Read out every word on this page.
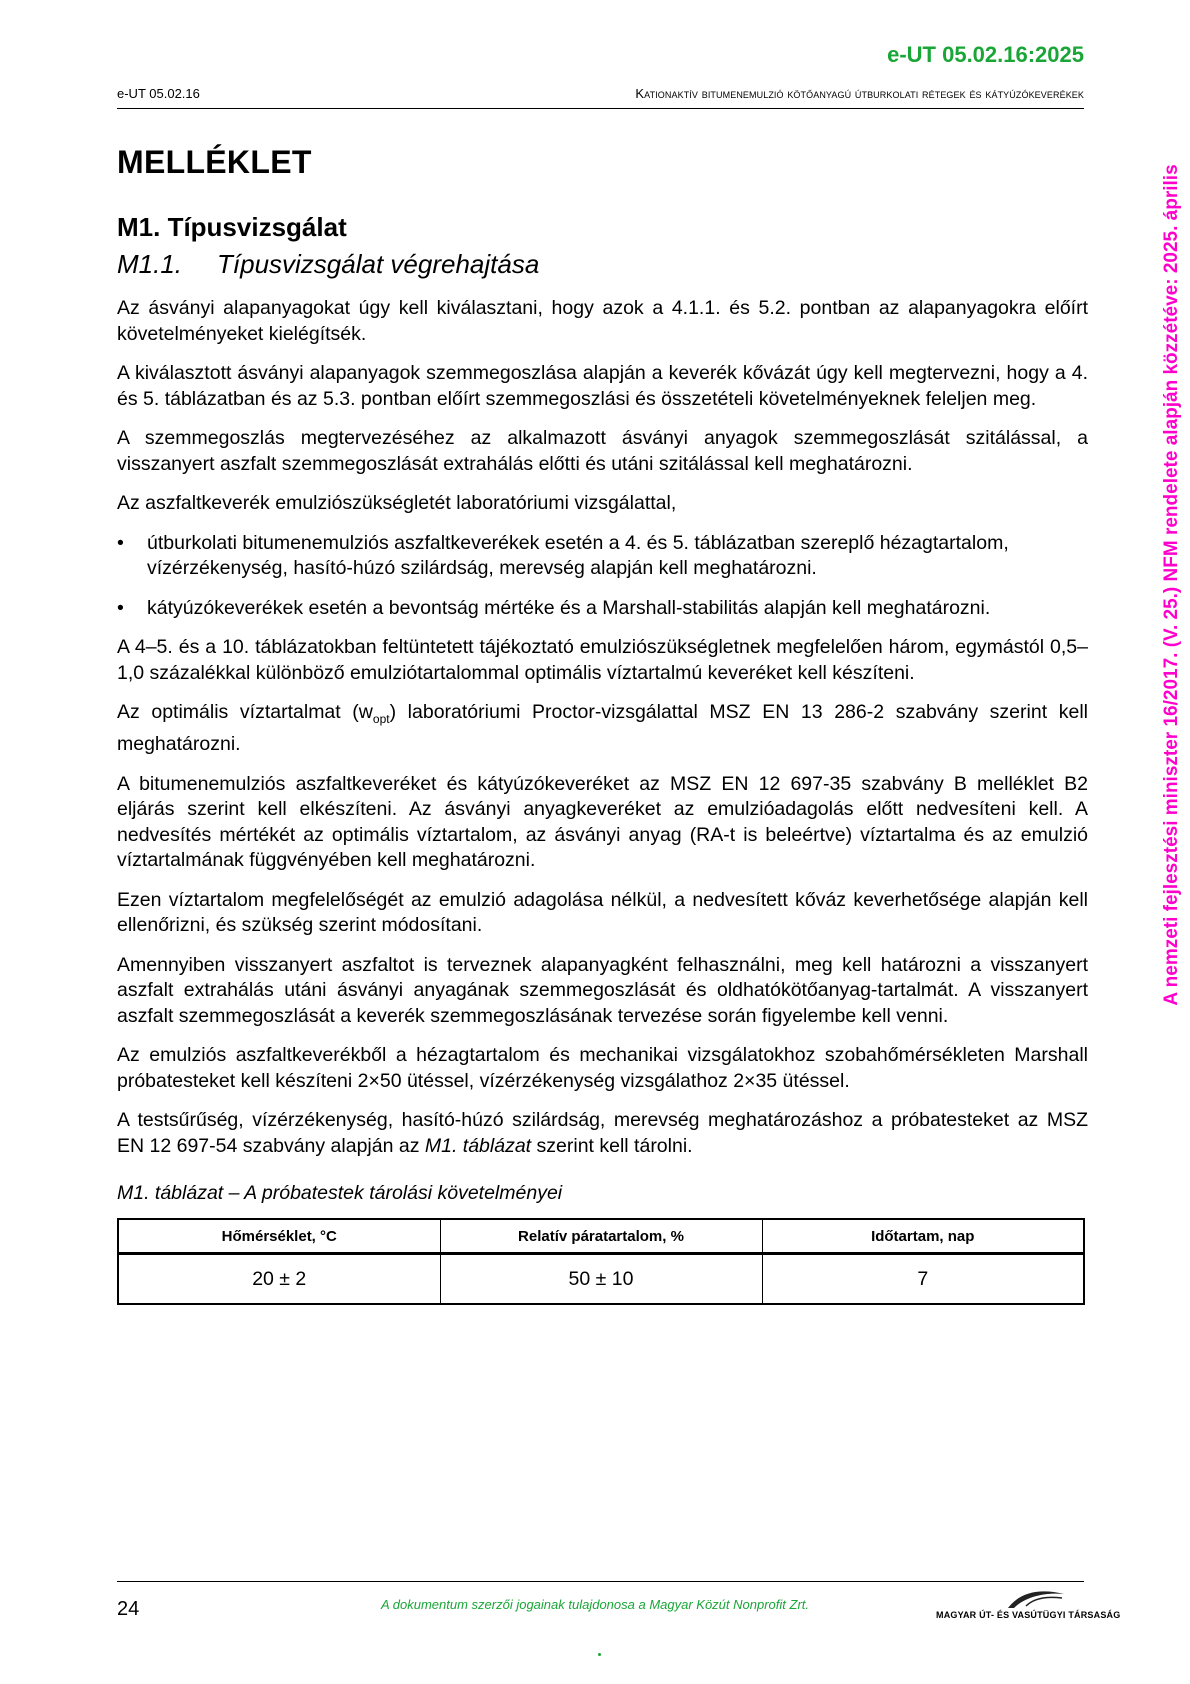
e-UT 05.02.16:2025
e-UT 05.02.16	Kationaktív bitumenemulzió kötőanyagú útburkolati rétegek és kátyúzókeverékek
A nemzeti fejlesztési miniszter 16/2017. (V. 25.) NFM rendelete alapján közzétéve: 2025. április
MELLÉKLET
M1. Típusvizsgálat
M1.1. Típusvizsgálat végrehajtása

Az ásványi alapanyagokat úgy kell kiválasztani, hogy azok a 4.1.1. és 5.2. pontban az alapanyagokra előírt követelményeket kielégítsék.

A kiválasztott ásványi alapanyagok szemmegoszlása alapján a keverék kővázát úgy kell megtervezni, hogy a 4. és 5. táblázatban és az 5.3. pontban előírt szemmegoszlási és összetételi követelményeknek feleljen meg.

A szemmegoszlás megtervezéséhez az alkalmazott ásványi anyagok szemmegoszlását szitálással, a visszanyert aszfalt szemmegoszlását extrahálás előtti és utáni szitálással kell meghatározni.

Az aszfaltkeverék emulziószükségletét laboratóriumi vizsgálattal,

• útburkolati bitumenemulziós aszfaltkeverékek esetén a 4. és 5. táblázatban szereplő hézagtartalom, vízérzékenység, hasító-húzó szilárdság, merevség alapján kell meghatározni.
• kátyúzókeverékek esetén a bevontság mértéke és a Marshall-stabilitás alapján kell meghatározni.

A 4–5. és a 10. táblázatokban feltüntetett tájékoztató emulziószükségletnek megfelelően három, egymástól 0,5–1,0 százalékkal különböző emulziótartalommal optimális víztartalmú keveréket kell készíteni.

Az optimális víztartalmat $(w_{opt})$ laboratóriumi Proctor-vizsgálattal MSZ EN 13 286-2 szabvány szerint kell meghatározni.

A bitumenemulziós aszfaltkeveréket és kátyúzókeveréket az MSZ EN 12 697-35 szabvány B melléklet B2 eljárás szerint kell elkészíteni. Az ásványi anyagkeveréket az emulzióadagolás előtt nedvesíteni kell. A nedvesítés mértékét az optimális víztartalom, az ásványi anyag (RA-t is beleértve) víztartalma és az emulzió víztartalmának függvényében kell meghatározni.

Ezen víztartalom megfelelőségét az emulzió adagolása nélkül, a nedvesített kőváz keverhetősége alapján kell ellenőrizni, és szükség szerint módosítani.

Amennyiben visszanyert aszfaltot is terveznek alapanyagként felhasználni, meg kell határozni a visszanyert aszfalt extrahálás utáni ásványi anyagának szemmegoszlását és oldhatókötőanyag-tartalmát. A visszanyert aszfalt szemmegoszlását a keverék szemmegoszlásának tervezése során figyelembe kell venni.

Az emulziós aszfaltkeverékből a hézagtartalom és mechanikai vizsgálatokhoz szobahőmérsékleten Marshall próbatesteket kell készíteni 2×50 ütéssel, vízérzékenység vizsgálathoz 2×35 ütéssel.

A testsűrűség, vízérzékenység, hasító-húzó szilárdság, merevség meghatározáshoz a próbatesteket az MSZ EN 12 697-54 szabvány alapján az M1. táblázat szerint kell tárolni.

M1. táblázat – A próbatestek tárolási követelményei
Hőmérséklet, °C	Relatív páratartalom, %	Időtartam, nap
20 ± 2	50 ± 10	7
24	A dokumentum szerzői jogainak tulajdonosa a Magyar Közút Nonprofit Zrt.
MAGYAR ÚT- ÉS VASÚTÜGYI TÁRSASÁG
